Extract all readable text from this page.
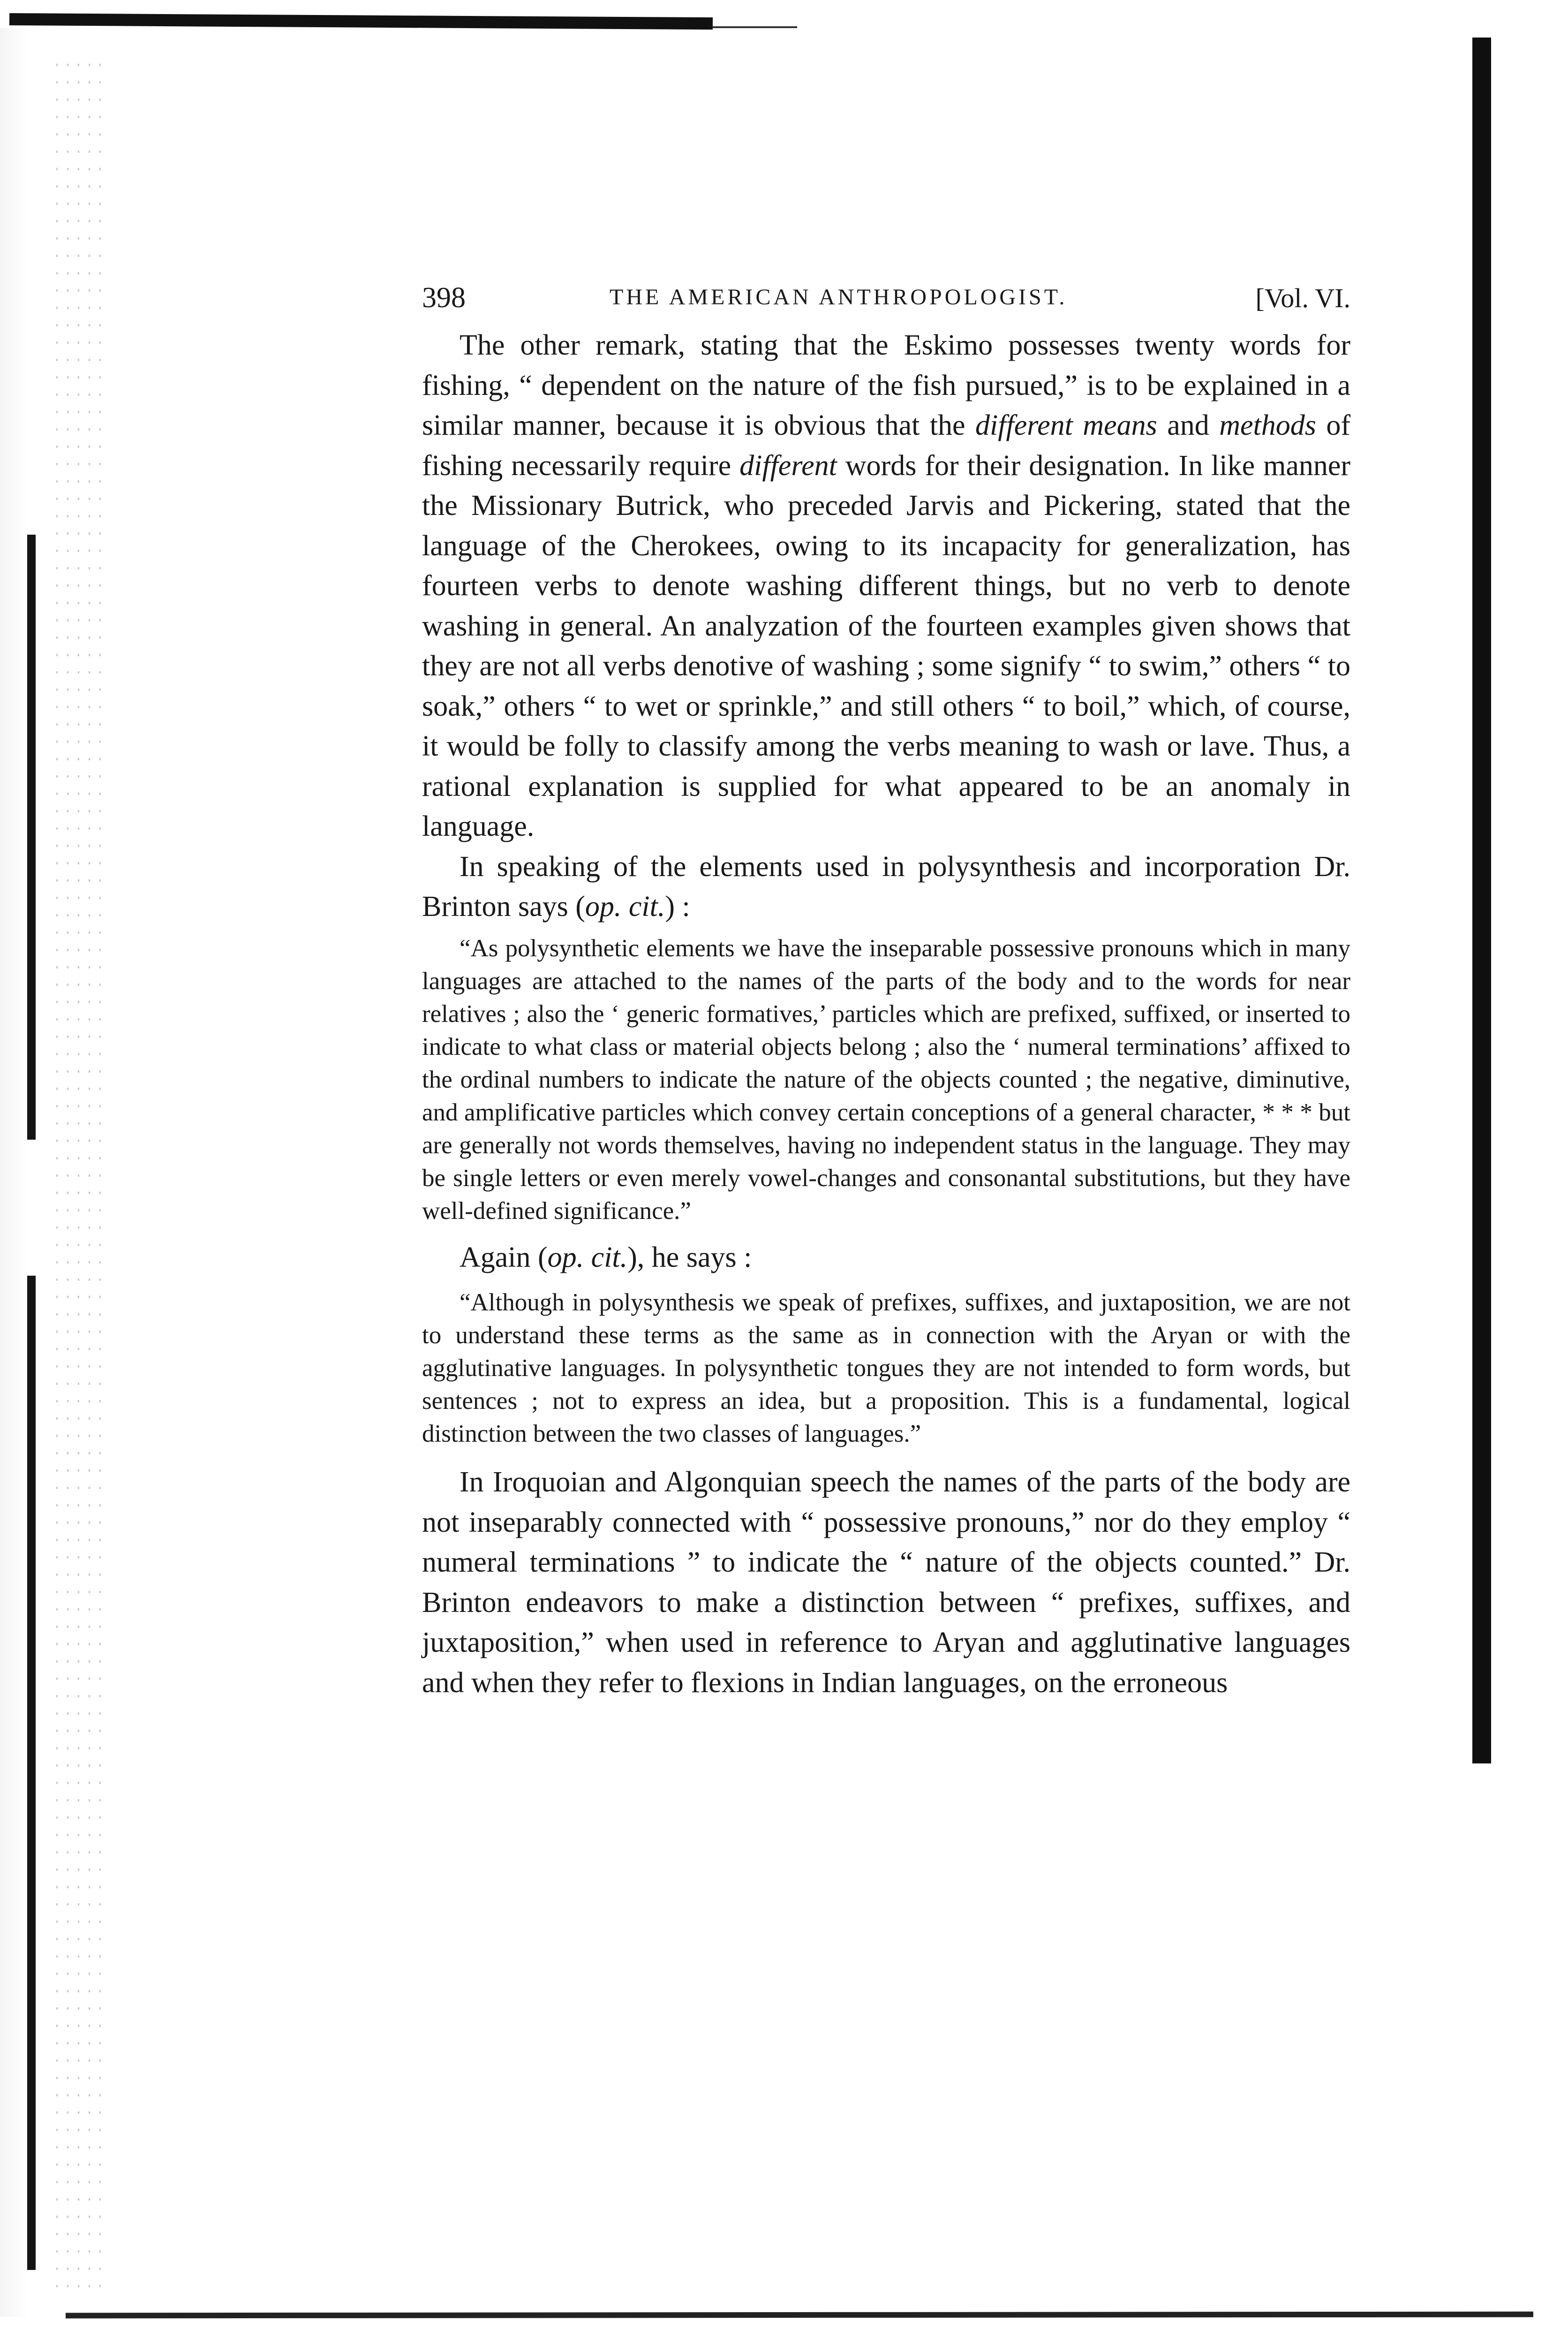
398	THE AMERICAN ANTHROPOLOGIST.	[Vol. VI.

The other remark, stating that the Eskimo possesses twenty words for fishing, “ dependent on the nature of the fish pursued,” is to be explained in a similar manner, because it is obvious that the different means and methods of fishing necessarily require different words for their designation. In like manner the Missionary Butrick, who preceded Jarvis and Pickering, stated that the language of the Cherokees, owing to its incapacity for generalization, has fourteen verbs to denote washing different things, but no verb to denote washing in general. An analyzation of the fourteen examples given shows that they are not all verbs denotive of washing ; some signify “ to swim,” others “ to soak,” others “ to wet or sprinkle,” and still others “ to boil,” which, of course, it would be folly to classify among the verbs meaning to wash or lave. Thus, a rational explanation is supplied for what appeared to be an anomaly in language.

In speaking of the elements used in polysynthesis and incorporation Dr. Brinton says (op. cit.) :

“As polysynthetic elements we have the inseparable possessive pronouns which in many languages are attached to the names of the parts of the body and to the words for near relatives ; also the ‘ generic formatives,’ particles which are prefixed, suffixed, or inserted to indicate to what class or material objects belong ; also the ‘ numeral terminations’ affixed to the ordinal numbers to indicate the nature of the objects counted ; the negative, diminutive, and amplificative particles which convey certain conceptions of a general character, * * * but are generally not words themselves, having no independent status in the language. They may be single letters or even merely vowel-changes and consonantal substitutions, but they have well-defined significance.”

Again (op. cit.), he says :

“Although in polysynthesis we speak of prefixes, suffixes, and juxtaposition, we are not to understand these terms as the same as in connection with the Aryan or with the agglutinative languages. In polysynthetic tongues they are not intended to form words, but sentences ; not to express an idea, but a proposition. This is a fundamental, logical distinction between the two classes of languages.”

In Iroquoian and Algonquian speech the names of the parts of the body are not inseparably connected with “ possessive pronouns,” nor do they employ “ numeral terminations ” to indicate the “ nature of the objects counted.” Dr. Brinton endeavors to make a distinction between “ prefixes, suffixes, and juxtaposition,” when used in reference to Aryan and agglutinative languages and when they refer to flexions in Indian languages, on the erroneous
